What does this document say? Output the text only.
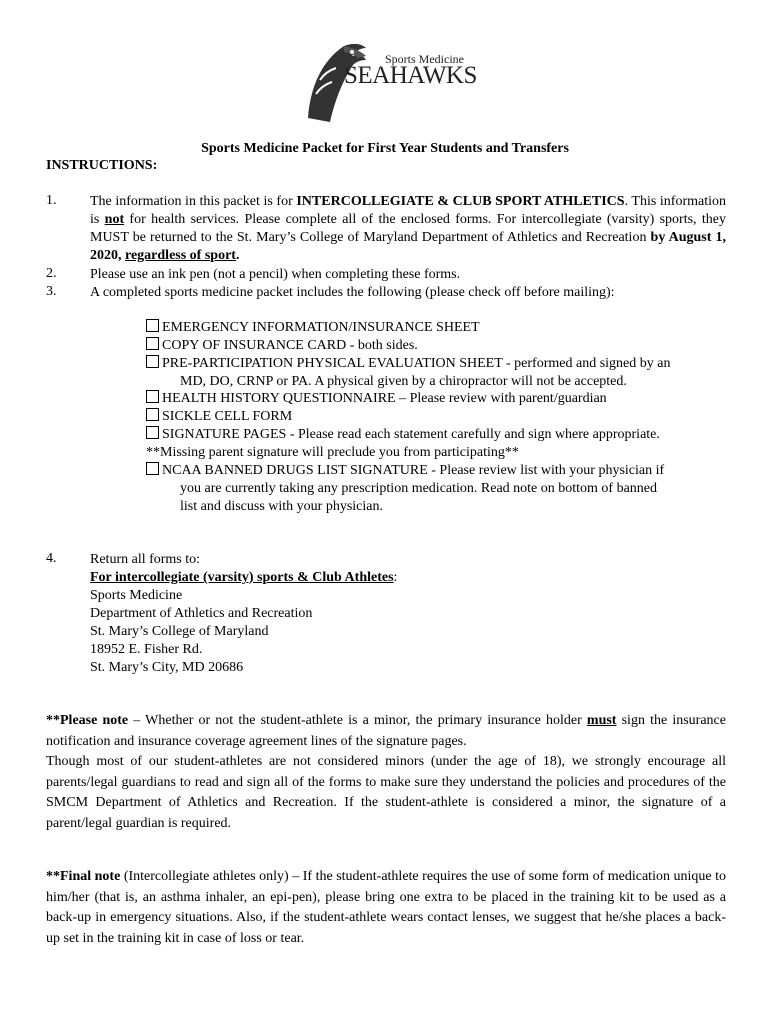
Sports Medicine
SEAHAWKS
Sports Medicine Packet for First Year Students and Transfers
INSTRUCTIONS:
1. The information in this packet is for INTERCOLLEGIATE & CLUB SPORT ATHLETICS. This information is not for health services. Please complete all of the enclosed forms. For intercollegiate (varsity) sports, they MUST be returned to the St. Mary’s College of Maryland Department of Athletics and Recreation by August 1, 2020, regardless of sport.
2. Please use an ink pen (not a pencil) when completing these forms.
3. A completed sports medicine packet includes the following (please check off before mailing):
EMERGENCY INFORMATION/INSURANCE SHEET
COPY OF INSURANCE CARD - both sides.
PRE-PARTICIPATION PHYSICAL EVALUATION SHEET - performed and signed by an
MD, DO, CRNP or PA. A physical given by a chiropractor will not be accepted.
HEALTH HISTORY QUESTIONNAIRE – Please review with parent/guardian
SICKLE CELL FORM
SIGNATURE PAGES - Please read each statement carefully and sign where appropriate.
**Missing parent signature will preclude you from participating**
NCAA BANNED DRUGS LIST SIGNATURE - Please review list with your physician if
you are currently taking any prescription medication. Read note on bottom of banned
list and discuss with your physician.
4. Return all forms to:
For intercollegiate (varsity) sports & Club Athletes:
Sports Medicine
Department of Athletics and Recreation
St. Mary’s College of Maryland
18952 E. Fisher Rd.
St. Mary’s City, MD 20686
**Please note – Whether or not the student-athlete is a minor, the primary insurance holder must sign the insurance notification and insurance coverage agreement lines of the signature pages.
Though most of our student-athletes are not considered minors (under the age of 18), we strongly encourage all parents/legal guardians to read and sign all of the forms to make sure they understand the policies and procedures of the SMCM Department of Athletics and Recreation. If the student-athlete is considered a minor, the signature of a parent/legal guardian is required.
**Final note (Intercollegiate athletes only) – If the student-athlete requires the use of some form of medication unique to him/her (that is, an asthma inhaler, an epi-pen), please bring one extra to be placed in the training kit to be used as a back-up in emergency situations. Also, if the student-athlete wears contact lenses, we suggest that he/she places a back-up set in the training kit in case of loss or tear.
